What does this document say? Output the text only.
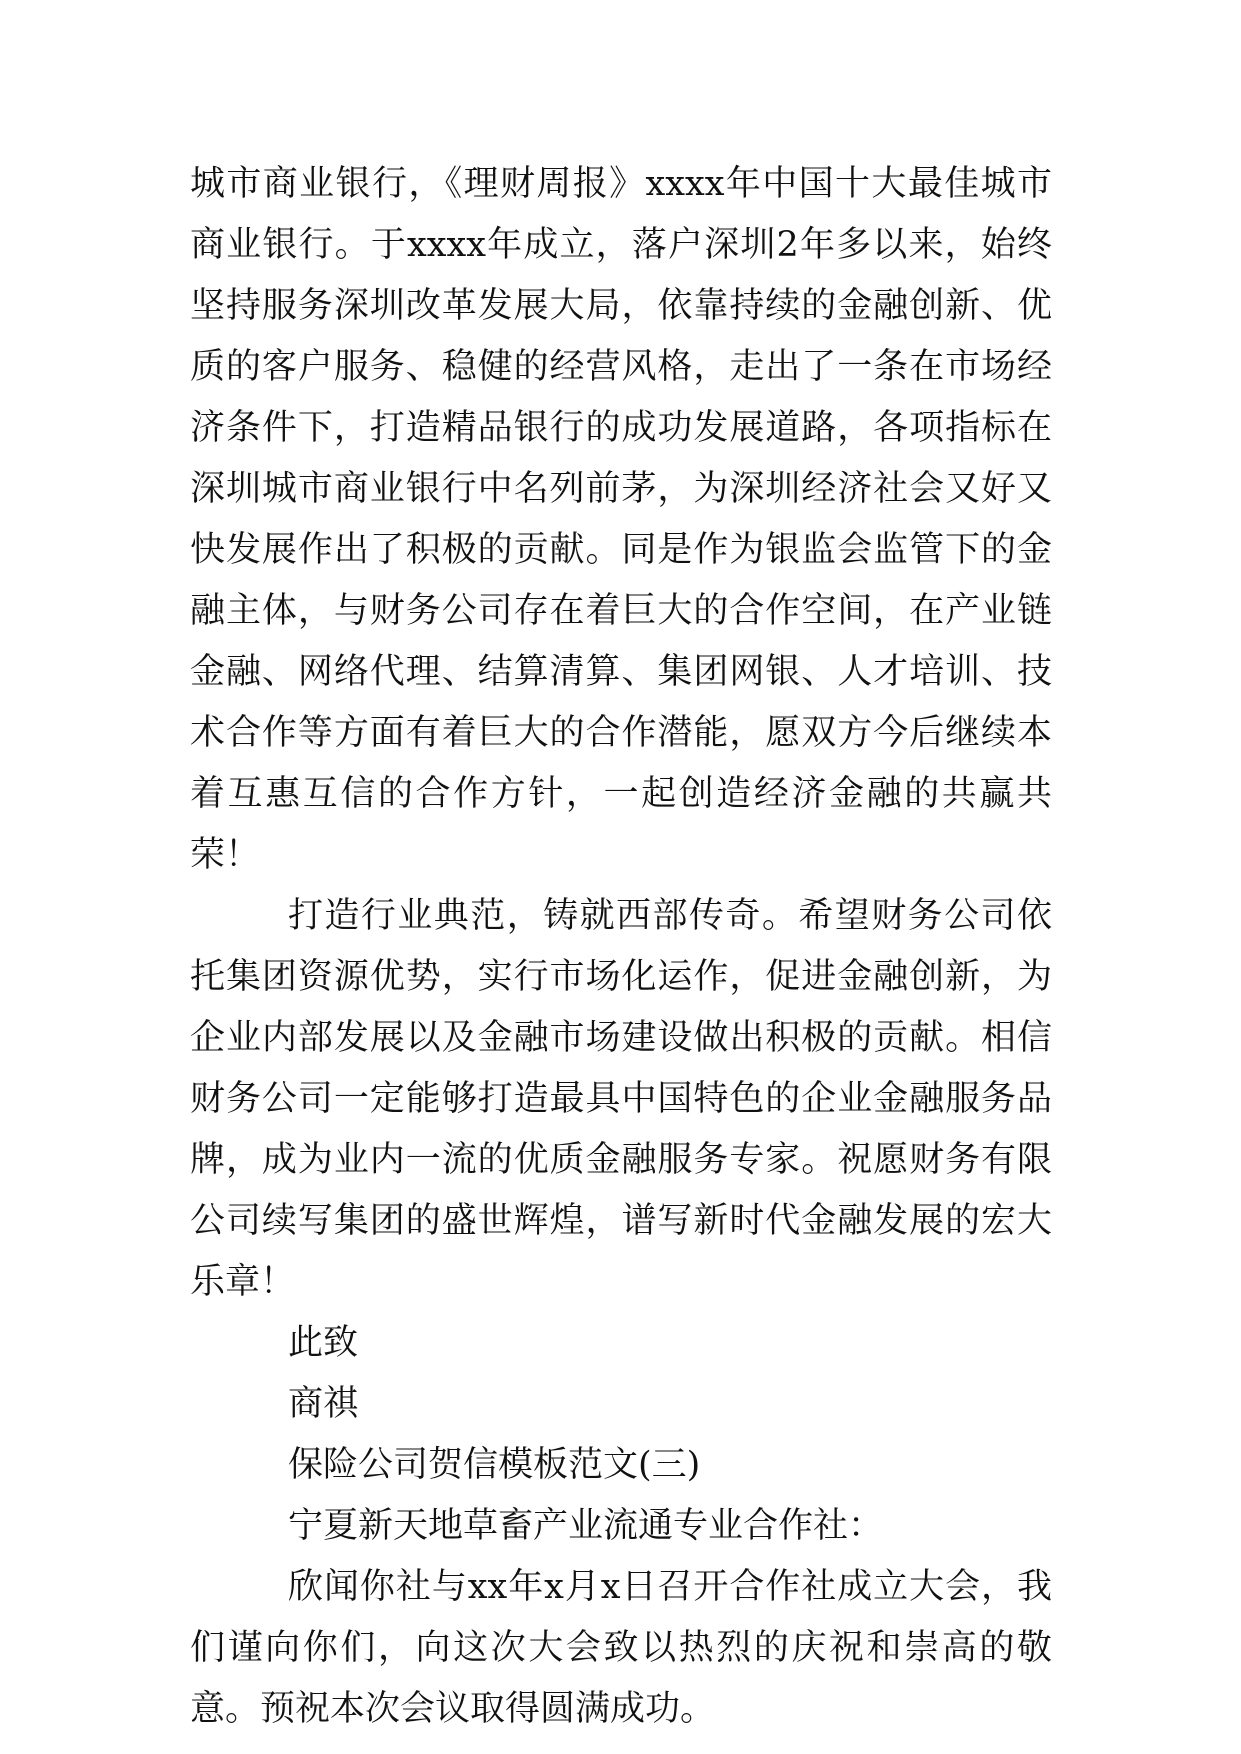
城市商业银行，《理财周报》xxxx年中国十大最佳城市商业银行。于xxxx年成立，落户深圳2年多以来，始终坚持服务深圳改革发展大局，依靠持续的金融创新、优质的客户服务、稳健的经营风格，走出了一条在市场经济条件下，打造精品银行的成功发展道路，各项指标在深圳城市商业银行中名列前茅，为深圳经济社会又好又快发展作出了积极的贡献。同是作为银监会监管下的金融主体，与财务公司存在着巨大的合作空间，在产业链金融、网络代理、结算清算、集团网银、人才培训、技术合作等方面有着巨大的合作潜能，愿双方今后继续本着互惠互信的合作方针，一起创造经济金融的共赢共荣！

打造行业典范，铸就西部传奇。希望财务公司依托集团资源优势，实行市场化运作，促进金融创新，为企业内部发展以及金融市场建设做出积极的贡献。相信财务公司一定能够打造最具中国特色的企业金融服务品牌，成为业内一流的优质金融服务专家。祝愿财务有限公司续写集团的盛世辉煌，谱写新时代金融发展的宏大乐章！

此致

商祺

保险公司贺信模板范文(三)

宁夏新天地草畜产业流通专业合作社：

欣闻你社与xx年x月x日召开合作社成立大会，我们谨向你们，向这次大会致以热烈的庆祝和崇高的敬意。预祝本次会议取得圆满成功。
